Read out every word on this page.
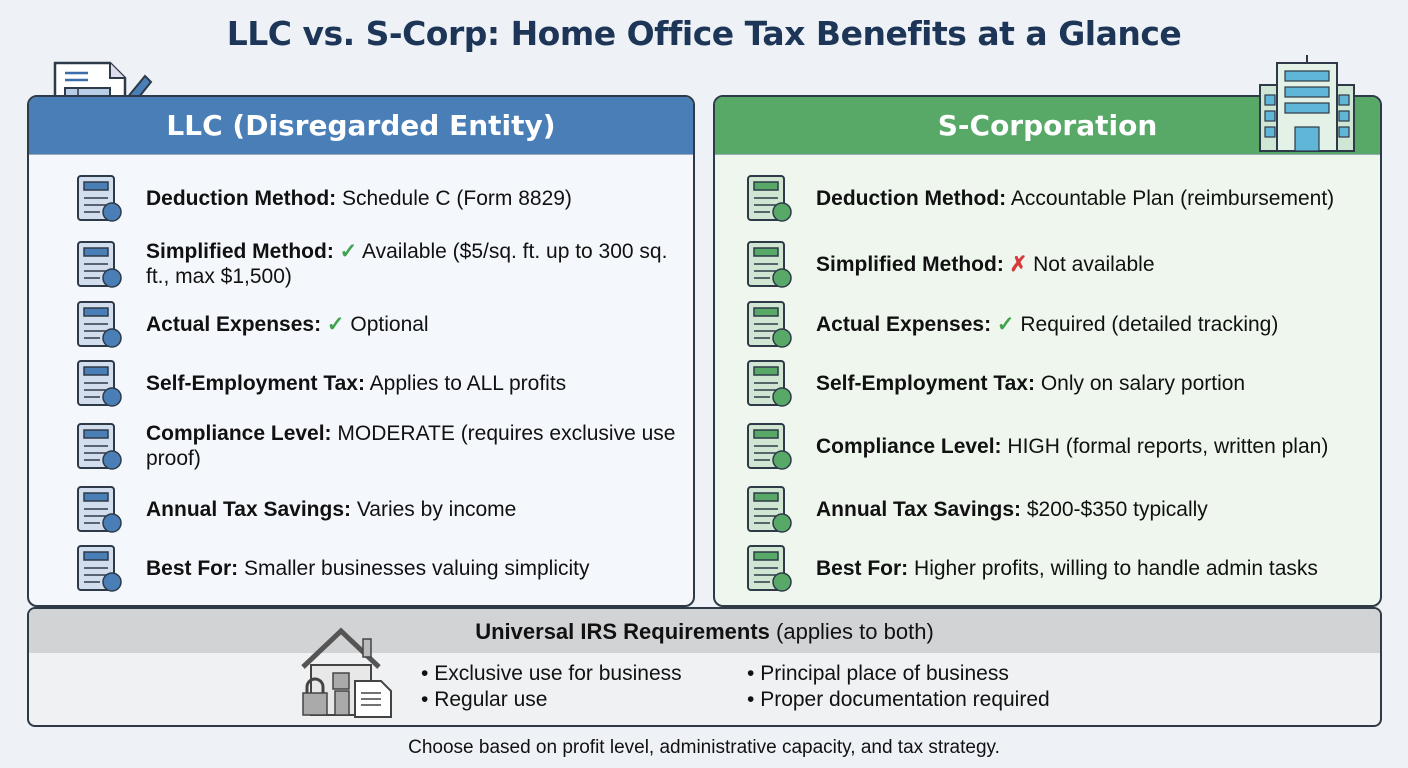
LLC vs. S-Corp: Home Office Tax Benefits at a Glance
LLC (Disregarded Entity)	S-Corporation
Deduction Method: Schedule C (Form 8829)
Simplified Method: ✓ Available ($5/sq. ft. up to 300 sq. ft., max $1,500)
Actual Expenses: ✓ Optional
Self-Employment Tax: Applies to ALL profits
Compliance Level: MODERATE (requires exclusive use proof)
Annual Tax Savings: Varies by income
Best For: Smaller businesses valuing simplicity
Deduction Method: Accountable Plan (reimbursement)
Simplified Method: ✗ Not available
Actual Expenses: ✓ Required (detailed tracking)
Self-Employment Tax: Only on salary portion
Compliance Level: HIGH (formal reports, written plan)
Annual Tax Savings: $200-$350 typically
Best For: Higher profits, willing to handle admin tasks
Universal IRS Requirements (applies to both)
• Exclusive use for business
• Regular use
• Principal place of business
• Proper documentation required
Choose based on profit level, administrative capacity, and tax strategy.
